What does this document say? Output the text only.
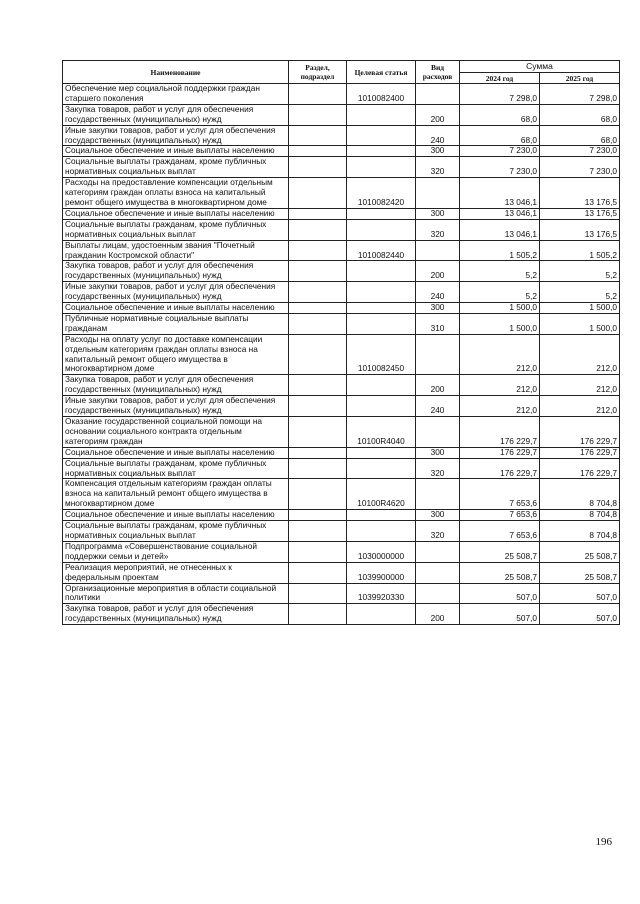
Наименование	Раздел, подраздел	Целевая статья	Вид расходов	Сумма	
				2024 год	2025 год
Обеспечение мер социальной поддержки граждан старшего поколения		1010082400		7 298,0	7 298,0
Закупка товаров, работ и услуг для обеспечения государственных (муниципальных) нужд			200	68,0	68,0
Иные закупки товаров, работ и услуг для обеспечения государственных (муниципальных) нужд			240	68,0	68,0
Социальное обеспечение и иные выплаты населению			300	7 230,0	7 230,0
Социальные выплаты гражданам, кроме публичных нормативных социальных выплат			320	7 230,0	7 230,0
Расходы на предоставление компенсации отдельным категориям граждан оплаты взноса на капитальный ремонт общего имущества в многоквартирном доме		1010082420		13 046,1	13 176,5
Социальное обеспечение и иные выплаты населению			300	13 046,1	13 176,5
Социальные выплаты гражданам, кроме публичных нормативных социальных выплат			320	13 046,1	13 176,5
Выплаты лицам, удостоенным звания "Почетный гражданин Костромской области"		1010082440		1 505,2	1 505,2
Закупка товаров, работ и услуг для обеспечения государственных (муниципальных) нужд			200	5,2	5,2
Иные закупки товаров, работ и услуг для обеспечения государственных (муниципальных) нужд			240	5,2	5,2
Социальное обеспечение и иные выплаты населению			300	1 500,0	1 500,0
Публичные нормативные социальные выплаты гражданам			310	1 500,0	1 500,0
Расходы на оплату услуг по доставке компенсации отдельным категориям граждан оплаты взноса на капитальный ремонт общего имущества в многоквартирном доме		1010082450		212,0	212,0
Закупка товаров, работ и услуг для обеспечения государственных (муниципальных) нужд			200	212,0	212,0
Иные закупки товаров, работ и услуг для обеспечения государственных (муниципальных) нужд			240	212,0	212,0
Оказание государственной социальной помощи на основании социального контракта отдельным категориям граждан		10100R4040		176 229,7	176 229,7
Социальное обеспечение и иные выплаты населению			300	176 229,7	176 229,7
Социальные выплаты гражданам, кроме публичных нормативных социальных выплат			320	176 229,7	176 229,7
Компенсация отдельным категориям граждан оплаты взноса на капитальный ремонт общего имущества в многоквартирном доме		10100R4620		7 653,6	8 704,8
Социальное обеспечение и иные выплаты населению			300	7 653,6	8 704,8
Социальные выплаты гражданам, кроме публичных нормативных социальных выплат			320	7 653,6	8 704,8
Подпрограмма «Совершенствование социальной поддержки семьи и детей»		1030000000		25 508,7	25 508,7
Реализация мероприятий, не отнесенных к федеральным проектам		1039900000		25 508,7	25 508,7
Организационные мероприятия в области социальной политики		1039920330		507,0	507,0
Закупка товаров, работ и услуг для обеспечения государственных (муниципальных) нужд			200	507,0	507,0
196
